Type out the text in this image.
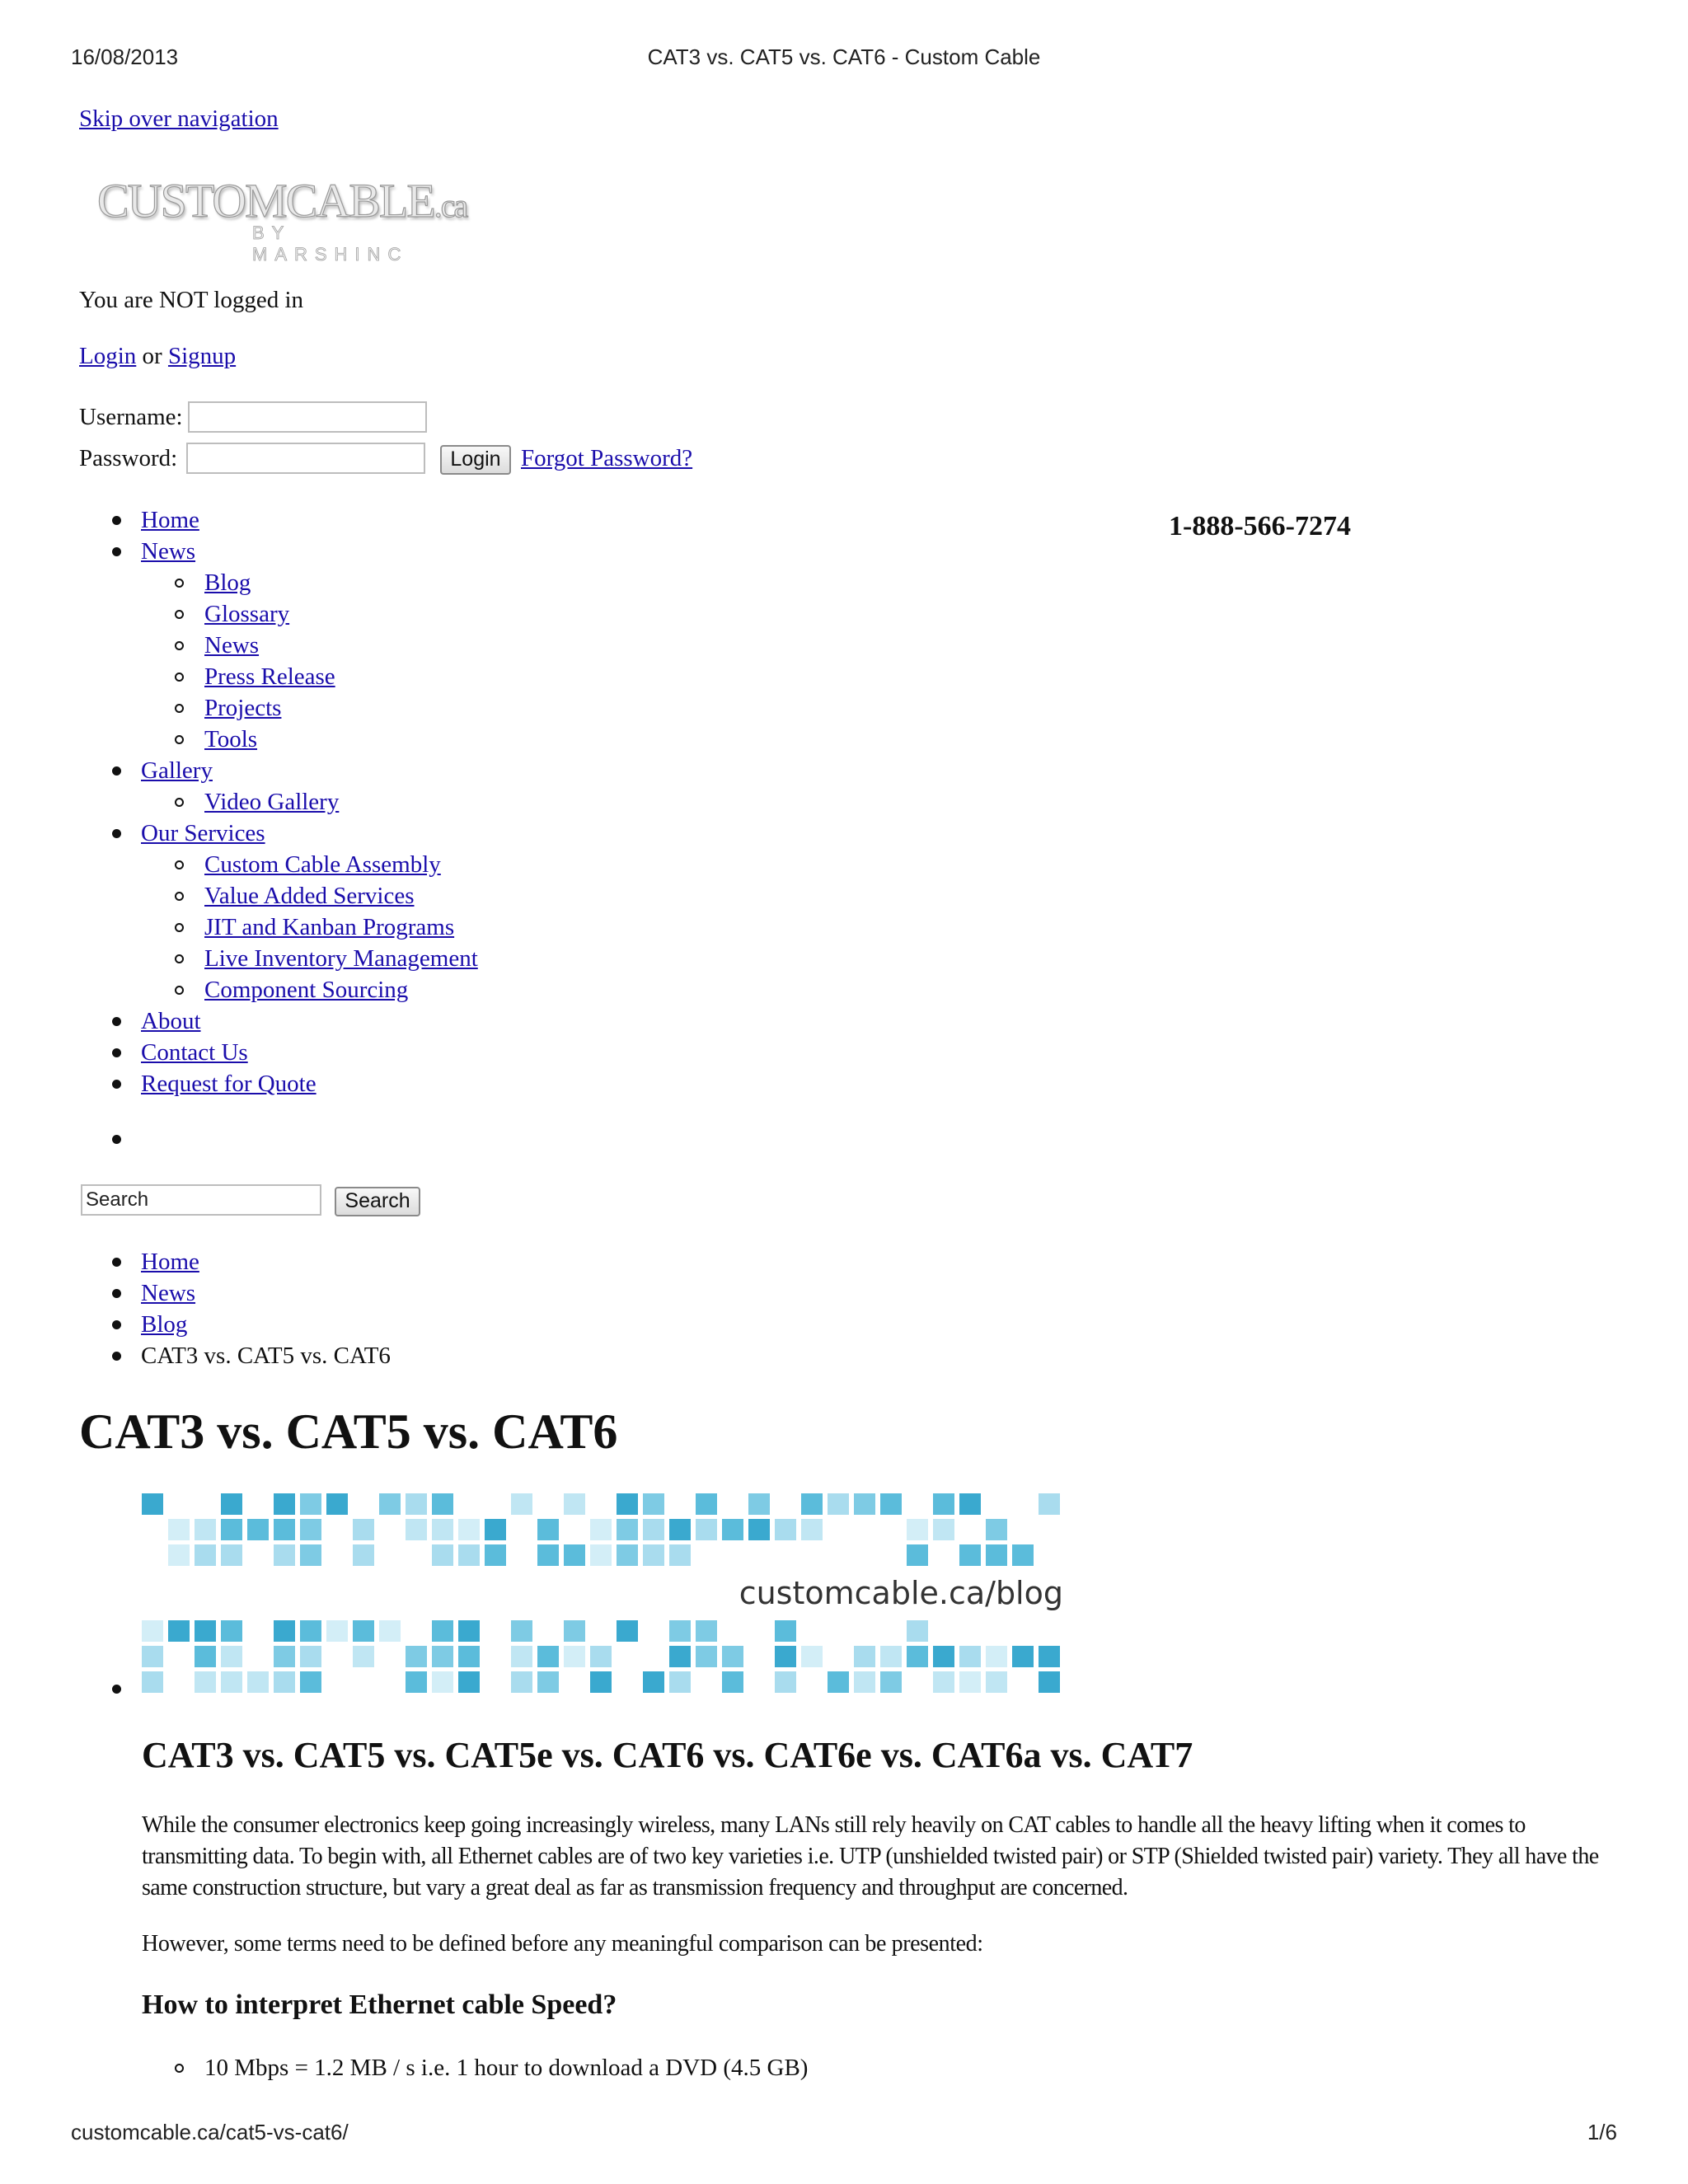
16/08/2013	CAT3 vs. CAT5 vs. CAT6 - Custom Cable
Skip over navigation
CUSTOMCABLE.ca
BY MARSHINC
You are NOT logged in
Login or Signup
Username:
Password:	Login Forgot Password?
1-888-566-7274
Home
News
Blog
Glossary
News
Press Release
Projects
Tools
Gallery
Video Gallery
Our Services
Custom Cable Assembly
Value Added Services
JIT and Kanban Programs
Live Inventory Management
Component Sourcing
About
Contact Us
Request for Quote
Search
Search
Home
News
Blog
CAT3 vs. CAT5 vs. CAT6
CAT3 vs. CAT5 vs. CAT6
customcable.ca/blog
CAT3 vs. CAT5 vs. CAT5e vs. CAT6 vs. CAT6e vs. CAT6a vs. CAT7

While the consumer electronics keep going increasingly wireless, many LANs still rely heavily on CAT cables to handle all the heavy lifting when it comes to transmitting data. To begin with, all Ethernet cables are of two key varieties i.e. UTP (unshielded twisted pair) or STP (Shielded twisted pair) variety. They all have the same construction structure, but vary a great deal as far as transmission frequency and throughput are concerned.

However, some terms need to be defined before any meaningful comparison can be presented:

How to interpret Ethernet cable Speed?
10 Mbps = 1.2 MB / s i.e. 1 hour to download a DVD (4.5 GB)
customcable.ca/cat5-vs-cat6/	1/6
